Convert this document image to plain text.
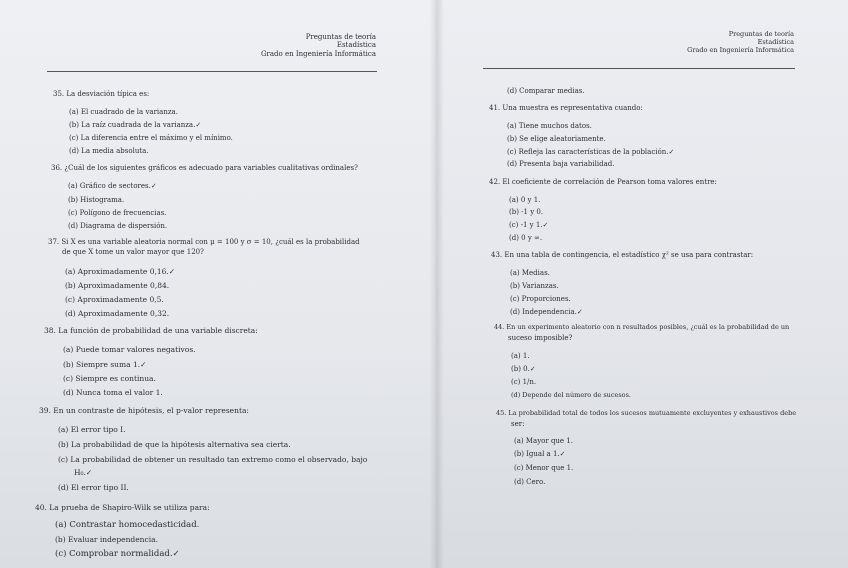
Preguntas de teoría
Estadística
Grado en Ingeniería Informática
Preguntas de teoría
Estadística
Grado en Ingeniería Informática
35. La desviación típica es:
(a) El cuadrado de la varianza.
(b) La raíz cuadrada de la varianza.✓
(c) La diferencia entre el máximo y el mínimo.
(d) La media absoluta.
36. ¿Cuál de los siguientes gráficos es adecuado para variables cualitativas ordinales?
(a) Gráfico de sectores.✓
(b) Histograma.
(c) Polígono de frecuencias.
(d) Diagrama de dispersión.
37. Si X es una variable aleatoria normal con μ = 100 y σ = 10, ¿cuál es la probabilidad
de que X tome un valor mayor que 120?
(a) Aproximadamente 0,16.✓
(b) Aproximadamente 0,84.
(c) Aproximadamente 0,5.
(d) Aproximadamente 0,32.
38. La función de probabilidad de una variable discreta:
(a) Puede tomar valores negativos.
(b) Siempre suma 1.✓
(c) Siempre es continua.
(d) Nunca toma el valor 1.
39. En un contraste de hipótesis, el p-valor representa:
(a) El error tipo I.
(b) La probabilidad de que la hipótesis alternativa sea cierta.
(c) La probabilidad de obtener un resultado tan extremo como el observado, bajo
H₀.✓
(d) El error tipo II.
40. La prueba de Shapiro-Wilk se utiliza para:
(a) Contrastar homocedasticidad.
(b) Evaluar independencia.
(c) Comprobar normalidad.✓
(d) Comparar medias.
41. Una muestra es representativa cuando:
(a) Tiene muchos datos.
(b) Se elige aleatoriamente.
(c) Refleja las características de la población.✓
(d) Presenta baja variabilidad.
42. El coeficiente de correlación de Pearson toma valores entre:
(a) 0 y 1.
(b) -1 y 0.
(c) -1 y 1.✓
(d) 0 y ∞.
43. En una tabla de contingencia, el estadístico χ² se usa para contrastar:
(a) Medias.
(b) Varianzas.
(c) Proporciones.
(d) Independencia.✓
44. En un experimento aleatorio con n resultados posibles, ¿cuál es la probabilidad de un
suceso imposible?
(a) 1.
(b) 0.✓
(c) 1/n.
(d) Depende del número de sucesos.
45. La probabilidad total de todos los sucesos mutuamente excluyentes y exhaustivos debe
ser:
(a) Mayor que 1.
(b) Igual a 1.✓
(c) Menor que 1.
(d) Cero.
